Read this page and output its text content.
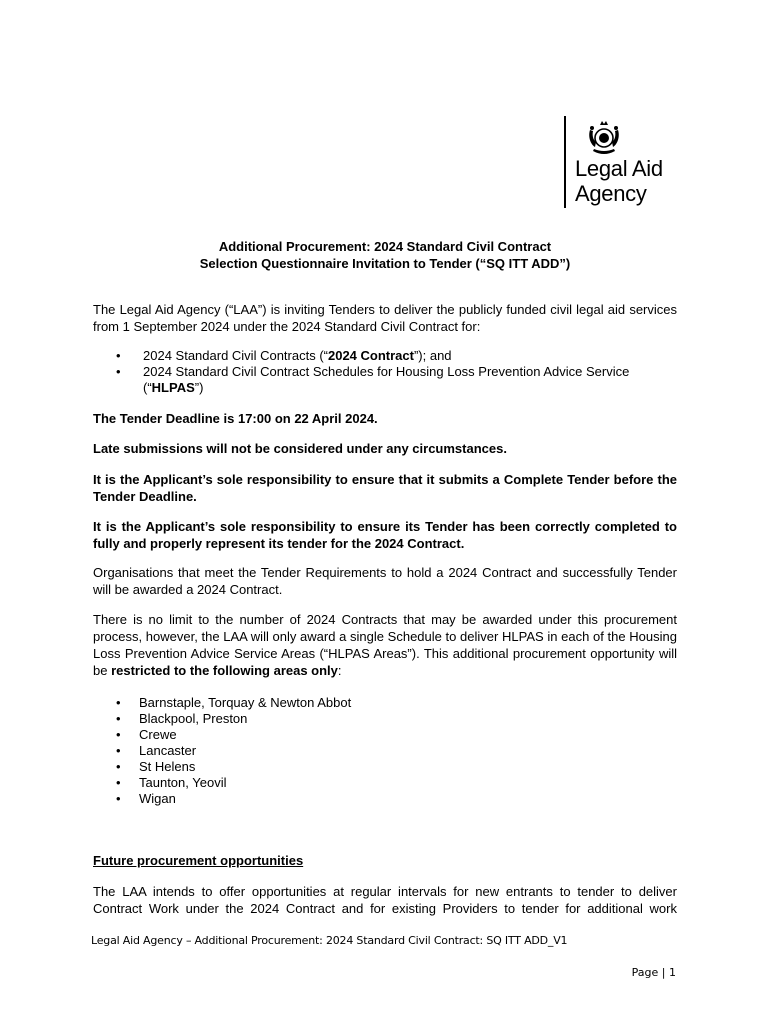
Legal Aid
Agency
Additional Procurement: 2024 Standard Civil Contract
Selection Questionnaire Invitation to Tender (“SQ ITT ADD”)

The Legal Aid Agency (“LAA”) is inviting Tenders to deliver the publicly funded civil legal aid services from 1 September 2024 under the 2024 Standard Civil Contract for:

• 2024 Standard Civil Contracts (“2024 Contract”); and
• 2024 Standard Civil Contract Schedules for Housing Loss Prevention Advice Service (“HLPAS”)

The Tender Deadline is 17:00 on 22 April 2024.

Late submissions will not be considered under any circumstances.

It is the Applicant’s sole responsibility to ensure that it submits a Complete Tender before the Tender Deadline.

It is the Applicant’s sole responsibility to ensure its Tender has been correctly completed to fully and properly represent its tender for the 2024 Contract.

Organisations that meet the Tender Requirements to hold a 2024 Contract and successfully Tender will be awarded a 2024 Contract.

There is no limit to the number of 2024 Contracts that may be awarded under this procurement process, however, the LAA will only award a single Schedule to deliver HLPAS in each of the Housing Loss Prevention Advice Service Areas (“HLPAS Areas”). This additional procurement opportunity will be restricted to the following areas only:

• Barnstaple, Torquay & Newton Abbot
• Blackpool, Preston
• Crewe
• Lancaster
• St Helens
• Taunton, Yeovil
• Wigan
Future procurement opportunities

The LAA intends to offer opportunities at regular intervals for new entrants to tender to deliver Contract Work under the 2024 Contract and for existing Providers to tender for additional work

Legal Aid Agency – Additional Procurement: 2024 Standard Civil Contract: SQ ITT ADD_V1
Page | 1
